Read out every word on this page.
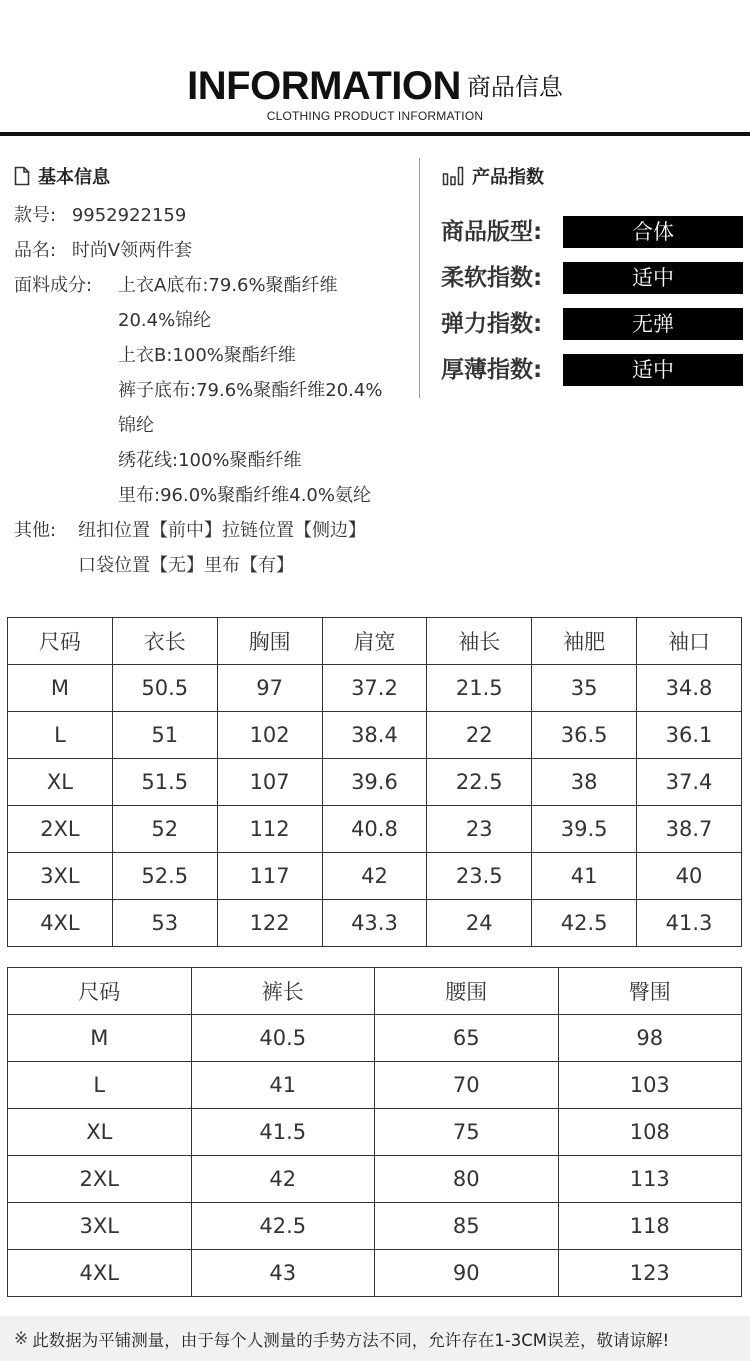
INFORMATION 商品信息
CLOTHING PRODUCT INFORMATION
基本信息
款号: 9952922159
品名: 时尚V领两件套
面料成分: 上衣A底布:79.6%聚酯纤维
20.4%锦纶
上衣B:100%聚酯纤维
裤子底布:79.6%聚酯纤维20.4%
锦纶
绣花线:100%聚酯纤维
里布:96.0%聚酯纤维4.0%氨纶
其他: 纽扣位置【前中】拉链位置【侧边】
口袋位置【无】里布【有】
产品指数
商品版型:	合体
柔软指数:	适中
弹力指数:	无弹
厚薄指数:	适中
尺码	衣长	胸围	肩宽	袖长	袖肥	袖口
M	50.5	97	37.2	21.5	35	34.8
L	51	102	38.4	22	36.5	36.1
XL	51.5	107	39.6	22.5	38	37.4
2XL	52	112	40.8	23	39.5	38.7
3XL	52.5	117	42	23.5	41	40
4XL	53	122	43.3	24	42.5	41.3
尺码	裤长	腰围	臀围
M	40.5	65	98
L	41	70	103
XL	41.5	75	108
2XL	42	80	113
3XL	42.5	85	118
4XL	43	90	123
※ 此数据为平铺测量，由于每个人测量的手势方法不同，允许存在1-3CM误差，敬请谅解!
